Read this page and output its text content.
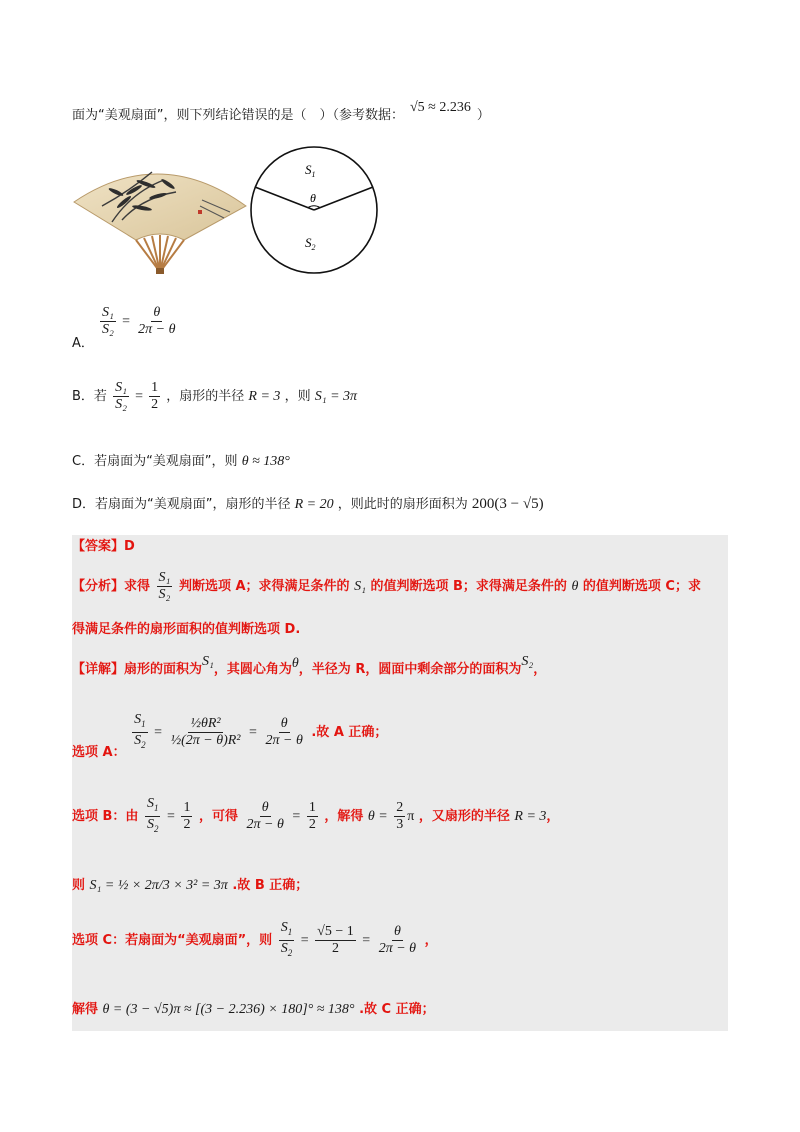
面为“美观扇面”，则下列结论错误的是（　）（参考数据：√5 ≈ 2.236）
$S_1$
θ
$S_2$
A．
$\frac{\text{S₁}}{\text{S₂}} = \frac{\theta}{2\pi - \theta}$
B．若 $\frac{\text{S₁}}{\text{S₂}} = \frac{1}{2}$ ，扇形的半径 R = 3 ，则 S₁ = 3π
C．若扇面为“美观扇面”，则 θ ≈ 138°
D．若扇面为“美观扇面”，扇形的半径 R = 20 ，则此时的扇形面积为 200(3 − √5)
【答案】D
【分析】求得 $\frac{\text{S₁}}{\text{S₂}}$ 判断选项 A；求得满足条件的 S₁ 的值判断选项 B；求得满足条件的 θ 的值判断选项 C；求
得满足条件的扇形面积的值判断选项 D.
【详解】扇形的面积为S₁，其圆心角为θ，半径为 R，圆面中剩余部分的面积为S₂，
选项 A： $\frac{S_1}{S_2} = \frac{\text{½θR²}}{\text{½(2π − θ)R²}} = \frac{\theta}{2\pi - \theta}$ .故 A 正确；
选项 B：由 $\frac{S_1}{S_2} = \frac{1}{2}$ ，可得 $\frac{\theta}{2\pi - \theta} = \frac{1}{2}$ ，解得 $\theta = \frac{2}{3}$ π ，又扇形的半径 R = 3，
则 S₁ = ½ × 2π/3 × 3² = 3π .故 B 正确；
选项 C：若扇面为“美观扇面”，则 $\frac{S_1}{S_2} = \frac{√5 - 1}{2} = \frac{\theta}{2\pi - \theta}$ ，
解得 θ = (3 − √5)π ≈ [(3 − 2.236) × 180]° ≈ 138° .故 C 正确；
